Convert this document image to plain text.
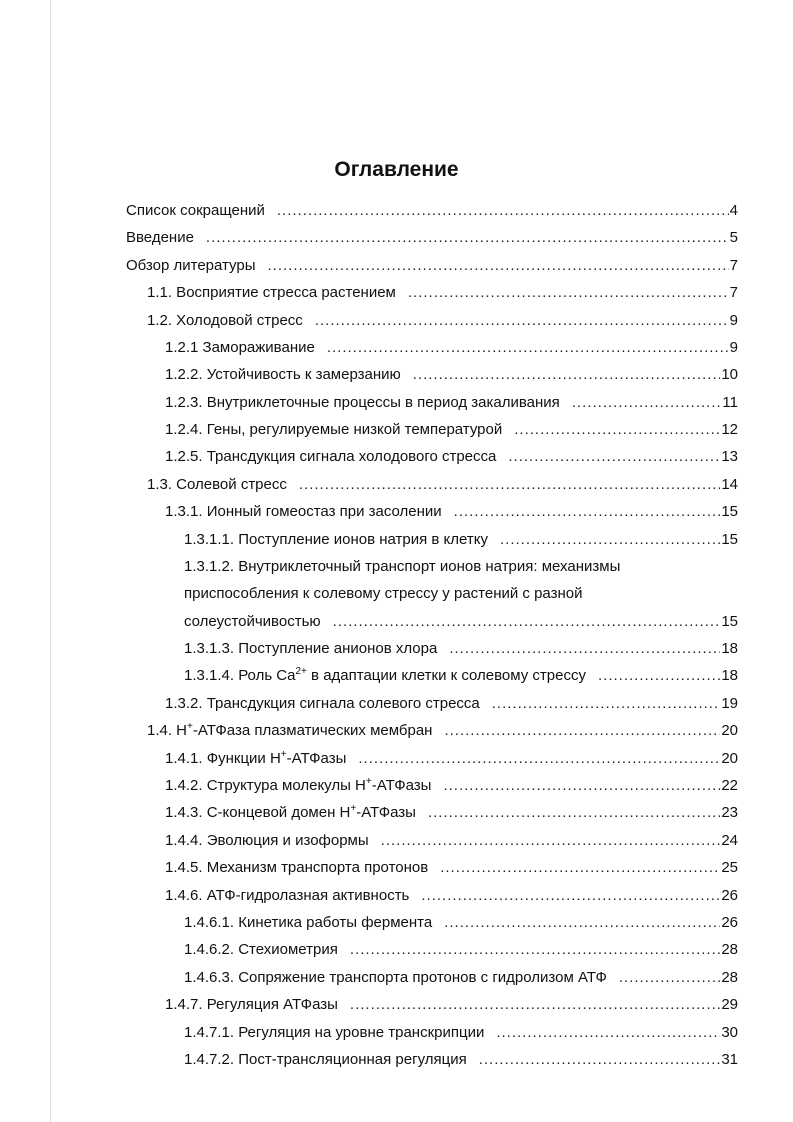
Оглавление
Список сокращений .....	4
Введение .....	5
Обзор литературы .....	7
1.1. Восприятие стресса растением .....	7
1.2. Холодовой стресс .....	9
1.2.1 Замораживание .....	9
1.2.2. Устойчивость к замерзанию .....	10
1.2.3. Внутриклеточные процессы в период закаливания .....	11
1.2.4. Гены, регулируемые низкой температурой .....	12
1.2.5. Трансдукция сигнала холодового стресса .....	13
1.3. Солевой стресс .....	14
1.3.1. Ионный гомеостаз при засолении .....	15
1.3.1.1. Поступление ионов натрия в клетку .....	15
1.3.1.2. Внутриклеточный транспорт ионов натрия: механизмы
приспособления к солевому стрессу у растений с разной
солеустойчивостью .....	15
1.3.1.3. Поступление анионов хлора .....	18
1.3.1.4. Роль $Ca^{2+}$ в адаптации клетки к солевому стрессу .....	18
1.3.2. Трансдукция сигнала солевого стресса .....	19
1.4. H+-АТФаза плазматических мембран .....	20
1.4.1. Функции H+-АТФазы .....	20
1.4.2. Структура молекулы H+-АТФазы .....	22
1.4.3. С-концевой домен H+-АТФазы .....	23
1.4.4. Эволюция и изоформы .....	24
1.4.5. Механизм транспорта протонов .....	25
1.4.6. АТФ-гидролазная активность .....	26
1.4.6.1. Кинетика работы фермента .....	26
1.4.6.2. Стехиометрия .....	28
1.4.6.3. Сопряжение транспорта протонов с гидролизом АТФ .....	28
1.4.7. Регуляция АТФазы .....	29
1.4.7.1. Регуляция на уровне транскрипции .....	30
1.4.7.2. Пост-трансляционная регуляция .....	31
